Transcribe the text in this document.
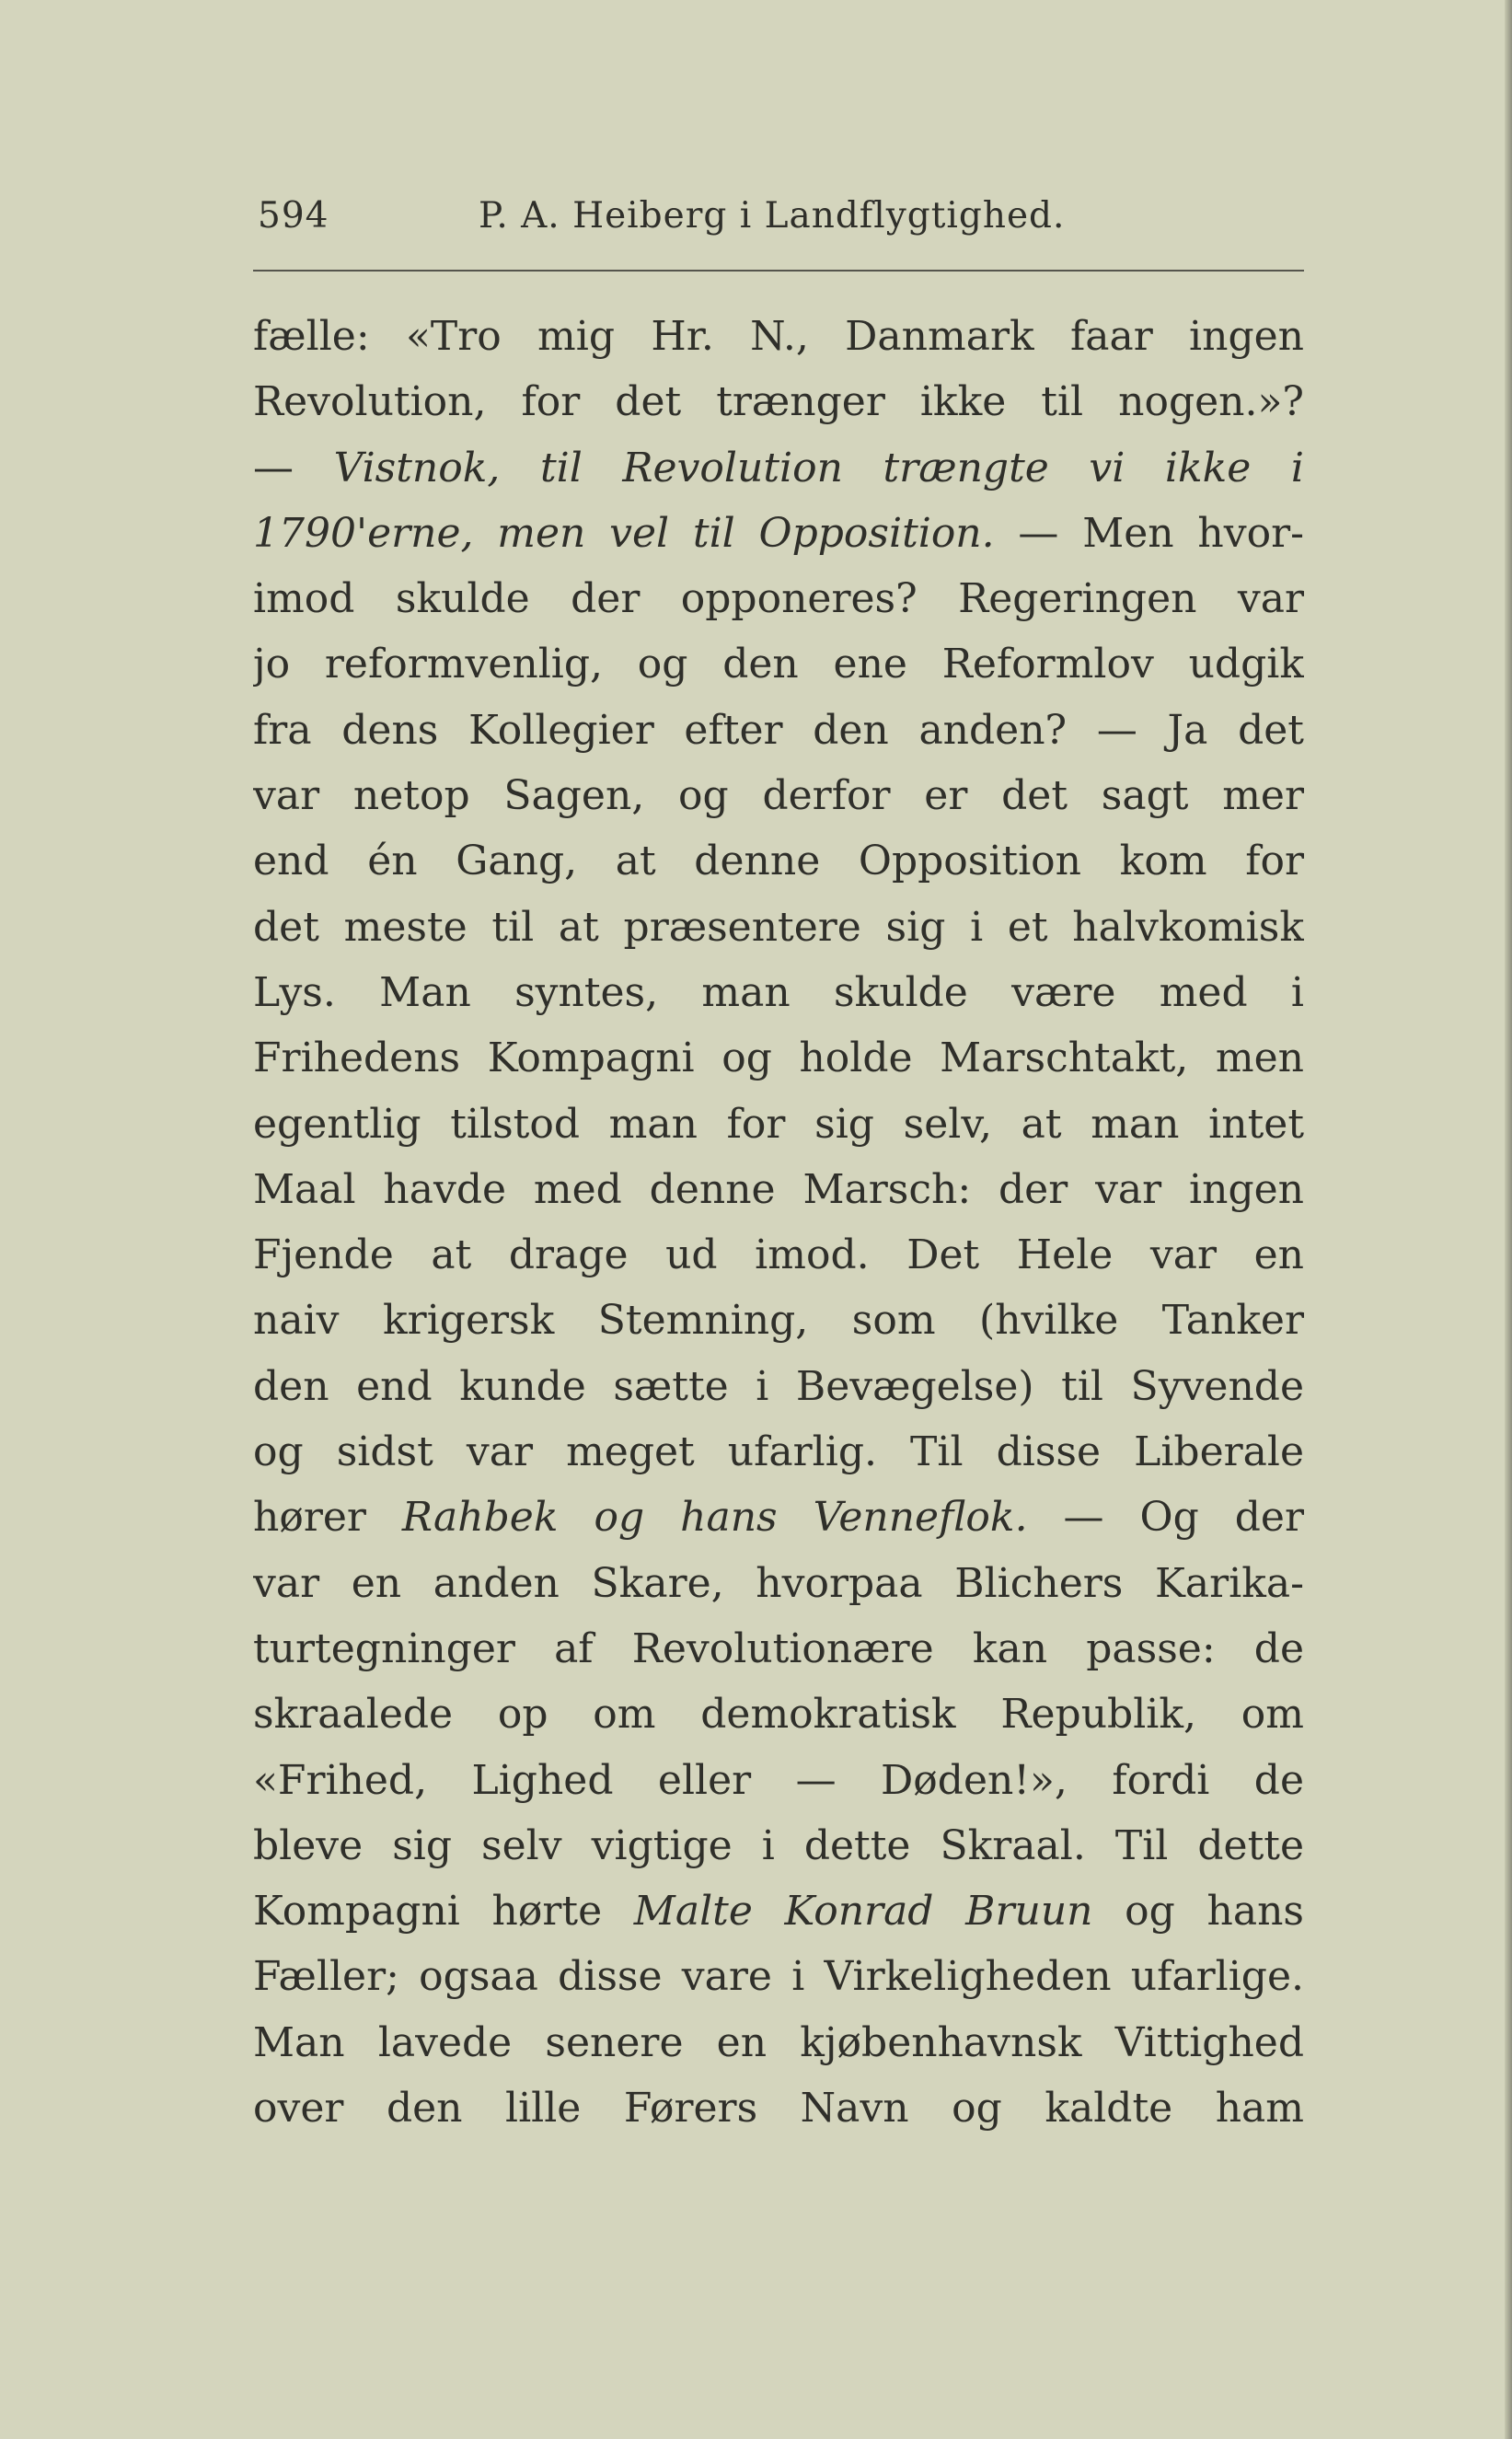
594	P. A. Heiberg i Landflygtighed.
fælle: «Tro mig Hr. N., Danmark faar ingen
Revolution, for det trænger ikke til nogen.»?
— Vistnok, til Revolution trængte vi ikke i
1790'erne, men vel til Opposition. — Men hvor-
imod skulde der opponeres? Regeringen var
jo reformvenlig, og den ene Reformlov udgik
fra dens Kollegier efter den anden? — Ja det
var netop Sagen, og derfor er det sagt mer
end én Gang, at denne Opposition kom for
det meste til at præsentere sig i et halvkomisk
Lys. Man syntes, man skulde være med i
Frihedens Kompagni og holde Marschtakt, men
egentlig tilstod man for sig selv, at man intet
Maal havde med denne Marsch: der var ingen
Fjende at drage ud imod. Det Hele var en
naiv krigersk Stemning, som (hvilke Tanker
den end kunde sætte i Bevægelse) til Syvende
og sidst var meget ufarlig. Til disse Liberale
hører Rahbek og hans Venneflok. — Og der
var en anden Skare, hvorpaa Blichers Karika-
turtegninger af Revolutionære kan passe: de
skraalede op om demokratisk Republik, om
«Frihed, Lighed eller — Døden!», fordi de
bleve sig selv vigtige i dette Skraal. Til dette
Kompagni hørte Malte Konrad Bruun og hans
Fæller; ogsaa disse vare i Virkeligheden ufarlige.
Man lavede senere en kjøbenhavnsk Vittighed
over den lille Førers Navn og kaldte ham
